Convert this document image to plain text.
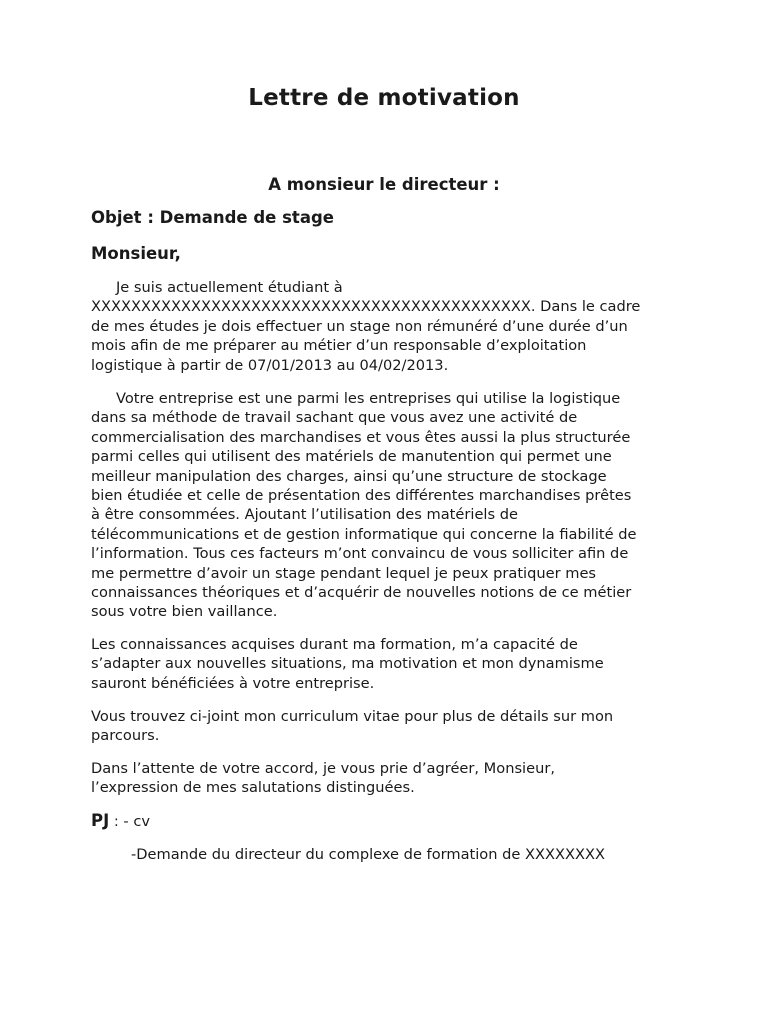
Lettre de motivation

A monsieur le directeur :

Objet : Demande de stage

Monsieur,

Je suis actuellement étudiant à
XXXXXXXXXXXXXXXXXXXXXXXXXXXXXXXXXXXXXXXXXXXX. Dans le cadre
de mes études je dois effectuer un stage non rémunéré d’une durée d’un
mois afin de me préparer au métier d’un responsable d’exploitation
logistique à partir de 07/01/2013 au 04/02/2013.
Votre entreprise est une parmi les entreprises qui utilise la logistique
dans sa méthode de travail sachant que vous avez une activité de
commercialisation des marchandises et vous êtes aussi la plus structurée
parmi celles qui utilisent des matériels de manutention qui permet une
meilleur manipulation des charges, ainsi qu’une structure de stockage
bien étudiée et celle de présentation des différentes marchandises prêtes
à être consommées. Ajoutant l’utilisation des matériels de
télécommunications et de gestion informatique qui concerne la fiabilité de
l’information. Tous ces facteurs m’ont convaincu de vous solliciter afin de
me permettre d’avoir un stage pendant lequel je peux pratiquer mes
connaissances théoriques et d’acquérir de nouvelles notions de ce métier
sous votre bien vaillance.
Les connaissances acquises durant ma formation, m’a capacité de
s’adapter aux nouvelles situations, ma motivation et mon dynamisme
sauront bénéficiées à votre entreprise.
Vous trouvez ci-joint mon curriculum vitae pour plus de détails sur mon
parcours.
Dans l’attente de votre accord, je vous prie d’agréer, Monsieur,
l’expression de mes salutations distinguées.

PJ : - cv

-Demande du directeur du complexe de formation de XXXXXXXX
